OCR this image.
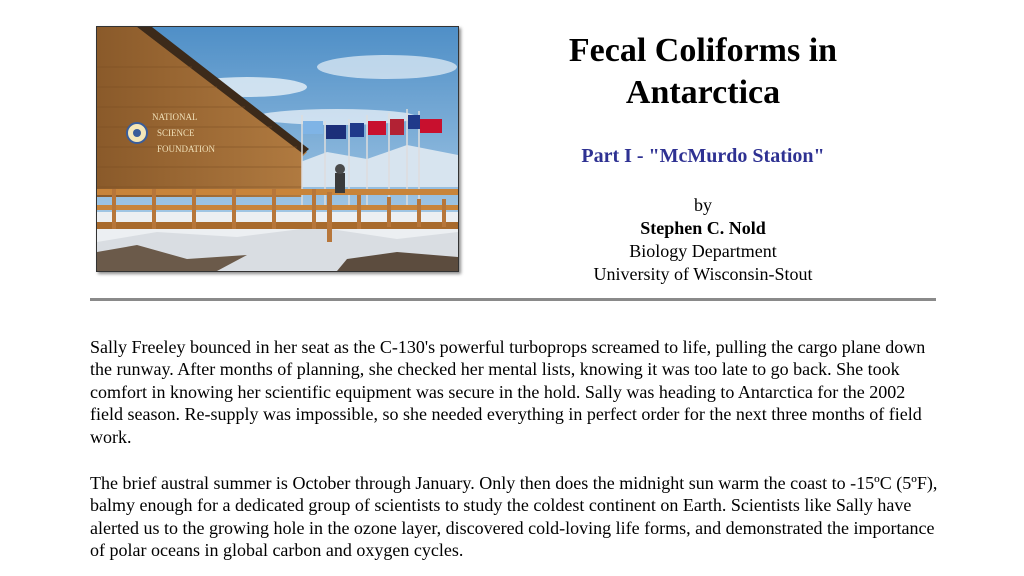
NATIONAL
SCIENCE
FOUNDATION
Fecal Coliforms in
Antarctica
Part I - "McMurdo Station"
by
Stephen C. Nold
Biology Department
University of Wisconsin-Stout

Sally Freeley bounced in her seat as the C-130's powerful turboprops screamed to life, pulling the cargo plane down the runway. After months of planning, she checked her mental lists, knowing it was too late to go back. She took comfort in knowing her scientific equipment was secure in the hold. Sally was heading to Antarctica for the 2002 field season. Re-supply was impossible, so she needed everything in perfect order for the next three months of field work.

The brief austral summer is October through January. Only then does the midnight sun warm the coast to -15ºC (5ºF), balmy enough for a dedicated group of scientists to study the coldest continent on Earth. Scientists like Sally have alerted us to the growing hole in the ozone layer, discovered cold-loving life forms, and demonstrated the importance of polar oceans in global carbon and oxygen cycles.
